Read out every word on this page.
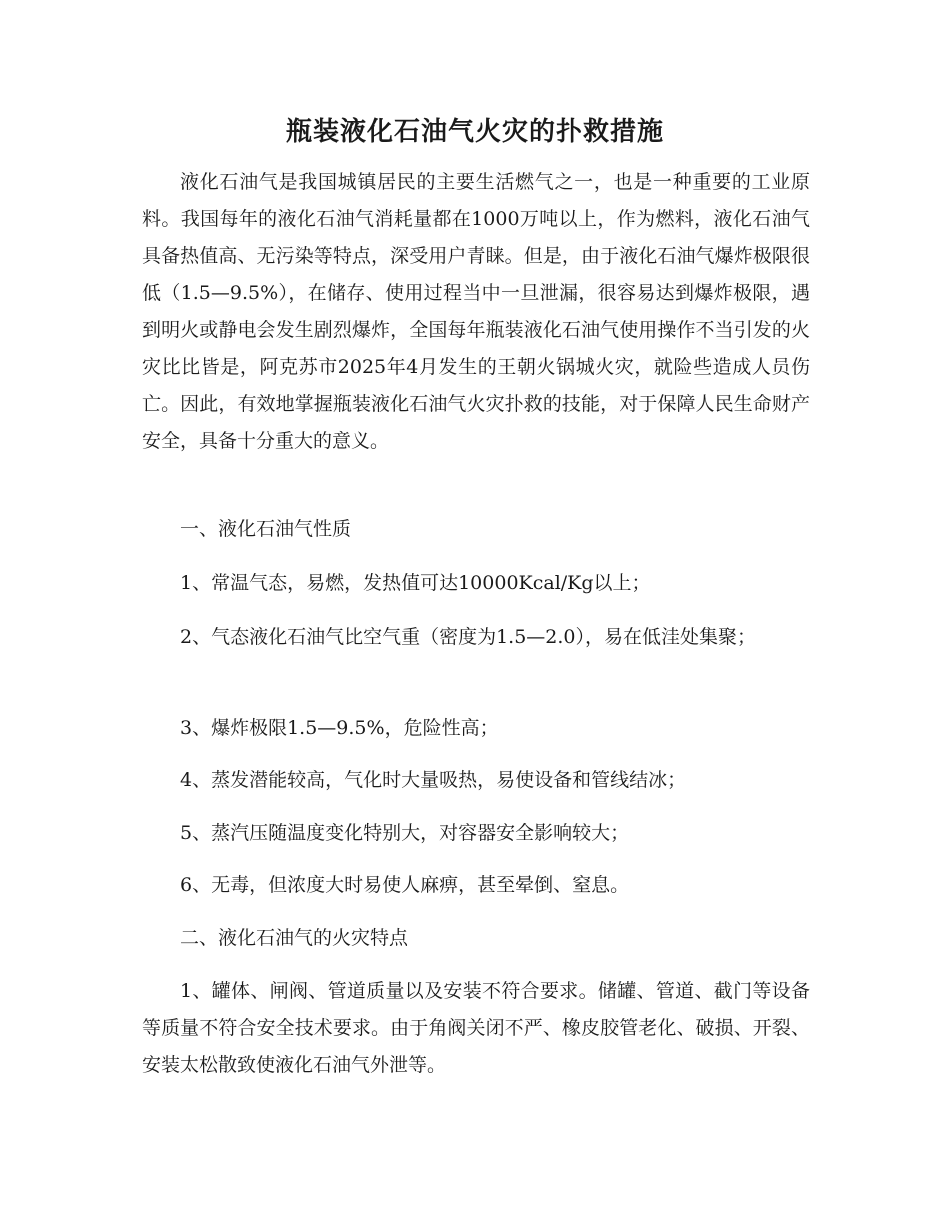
瓶装液化石油气火灾的扑救措施

液化石油气是我国城镇居民的主要生活燃气之一，也是一种重要的工业原料。我国每年的液化石油气消耗量都在1000万吨以上，作为燃料，液化石油气具备热值高、无污染等特点，深受用户青睐。但是，由于液化石油气爆炸极限很低（1.5—9.5%），在储存、使用过程当中一旦泄漏，很容易达到爆炸极限，遇到明火或静电会发生剧烈爆炸，全国每年瓶装液化石油气使用操作不当引发的火灾比比皆是，阿克苏市2025年4月发生的王朝火锅城火灾，就险些造成人员伤亡。因此，有效地掌握瓶装液化石油气火灾扑救的技能，对于保障人民生命财产安全，具备十分重大的意义。

一、液化石油气性质

1、常温气态，易燃，发热值可达10000Kcal/Kg以上；

2、气态液化石油气比空气重（密度为1.5—2.0），易在低洼处集聚；

3、爆炸极限1.5—9.5%，危险性高；

4、蒸发潜能较高，气化时大量吸热，易使设备和管线结冰；

5、蒸汽压随温度变化特别大，对容器安全影响较大；

6、无毒，但浓度大时易使人麻痹，甚至晕倒、窒息。

二、液化石油气的火灾特点

1、罐体、闸阀、管道质量以及安装不符合要求。储罐、管道、截门等设备等质量不符合安全技术要求。由于角阀关闭不严、橡皮胶管老化、破损、开裂、安装太松散致使液化石油气外泄等。
